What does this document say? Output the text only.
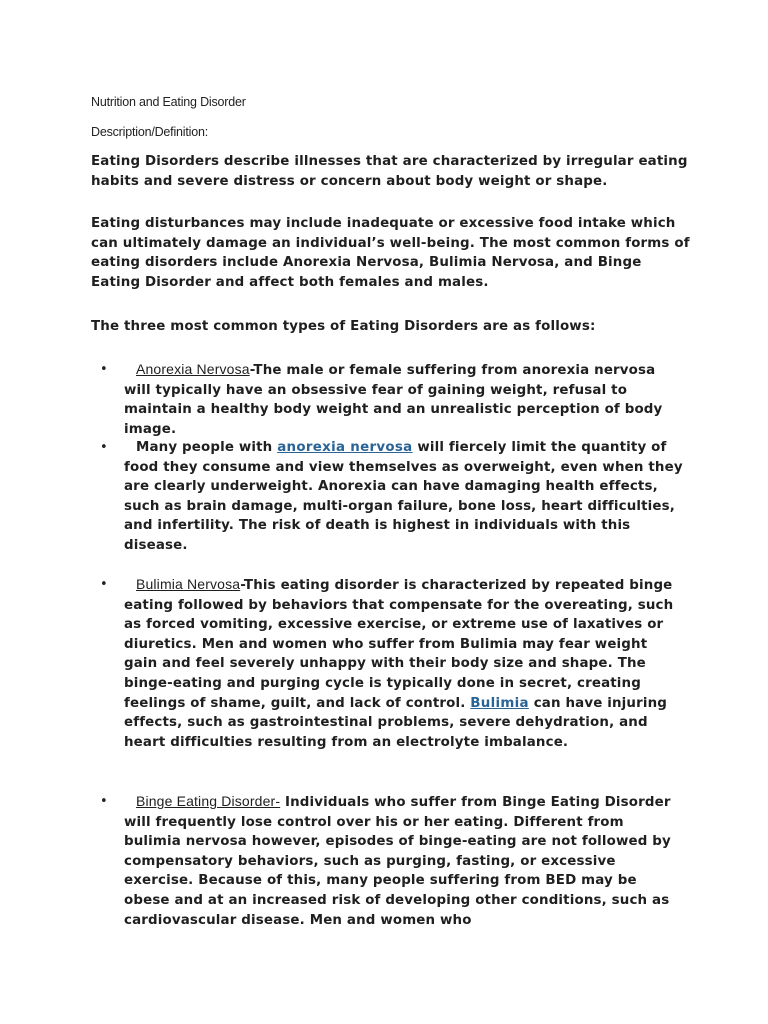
Nutrition and Eating Disorder
Description/Definition:

Eating Disorders describe illnesses that are characterized by irregular eating habits and severe distress or concern about body weight or shape.

Eating disturbances may include inadequate or excessive food intake which can ultimately damage an individual’s well-being. The most common forms of eating disorders include Anorexia Nervosa, Bulimia Nervosa, and Binge Eating Disorder and affect both females and males.

The three most common types of Eating Disorders are as follows:

• Anorexia Nervosa-The male or female suffering from anorexia nervosa will typically have an obsessive fear of gaining weight, refusal to maintain a healthy body weight and an unrealistic perception of body image.
• Many people with anorexia nervosa will fiercely limit the quantity of food they consume and view themselves as overweight, even when they are clearly underweight. Anorexia can have damaging health effects, such as brain damage, multi-organ failure, bone loss, heart difficulties, and infertility. The risk of death is highest in individuals with this disease.
• Bulimia Nervosa-This eating disorder is characterized by repeated binge eating followed by behaviors that compensate for the overeating, such as forced vomiting, excessive exercise, or extreme use of laxatives or diuretics. Men and women who suffer from Bulimia may fear weight gain and feel severely unhappy with their body size and shape. The binge-eating and purging cycle is typically done in secret, creating feelings of shame, guilt, and lack of control. Bulimia can have injuring effects, such as gastrointestinal problems, severe dehydration, and heart difficulties resulting from an electrolyte imbalance.
• Binge Eating Disorder- Individuals who suffer from Binge Eating Disorder will frequently lose control over his or her eating. Different from bulimia nervosa however, episodes of binge-eating are not followed by compensatory behaviors, such as purging, fasting, or excessive exercise. Because of this, many people suffering from BED may be obese and at an increased risk of developing other conditions, such as cardiovascular disease. Men and women who
